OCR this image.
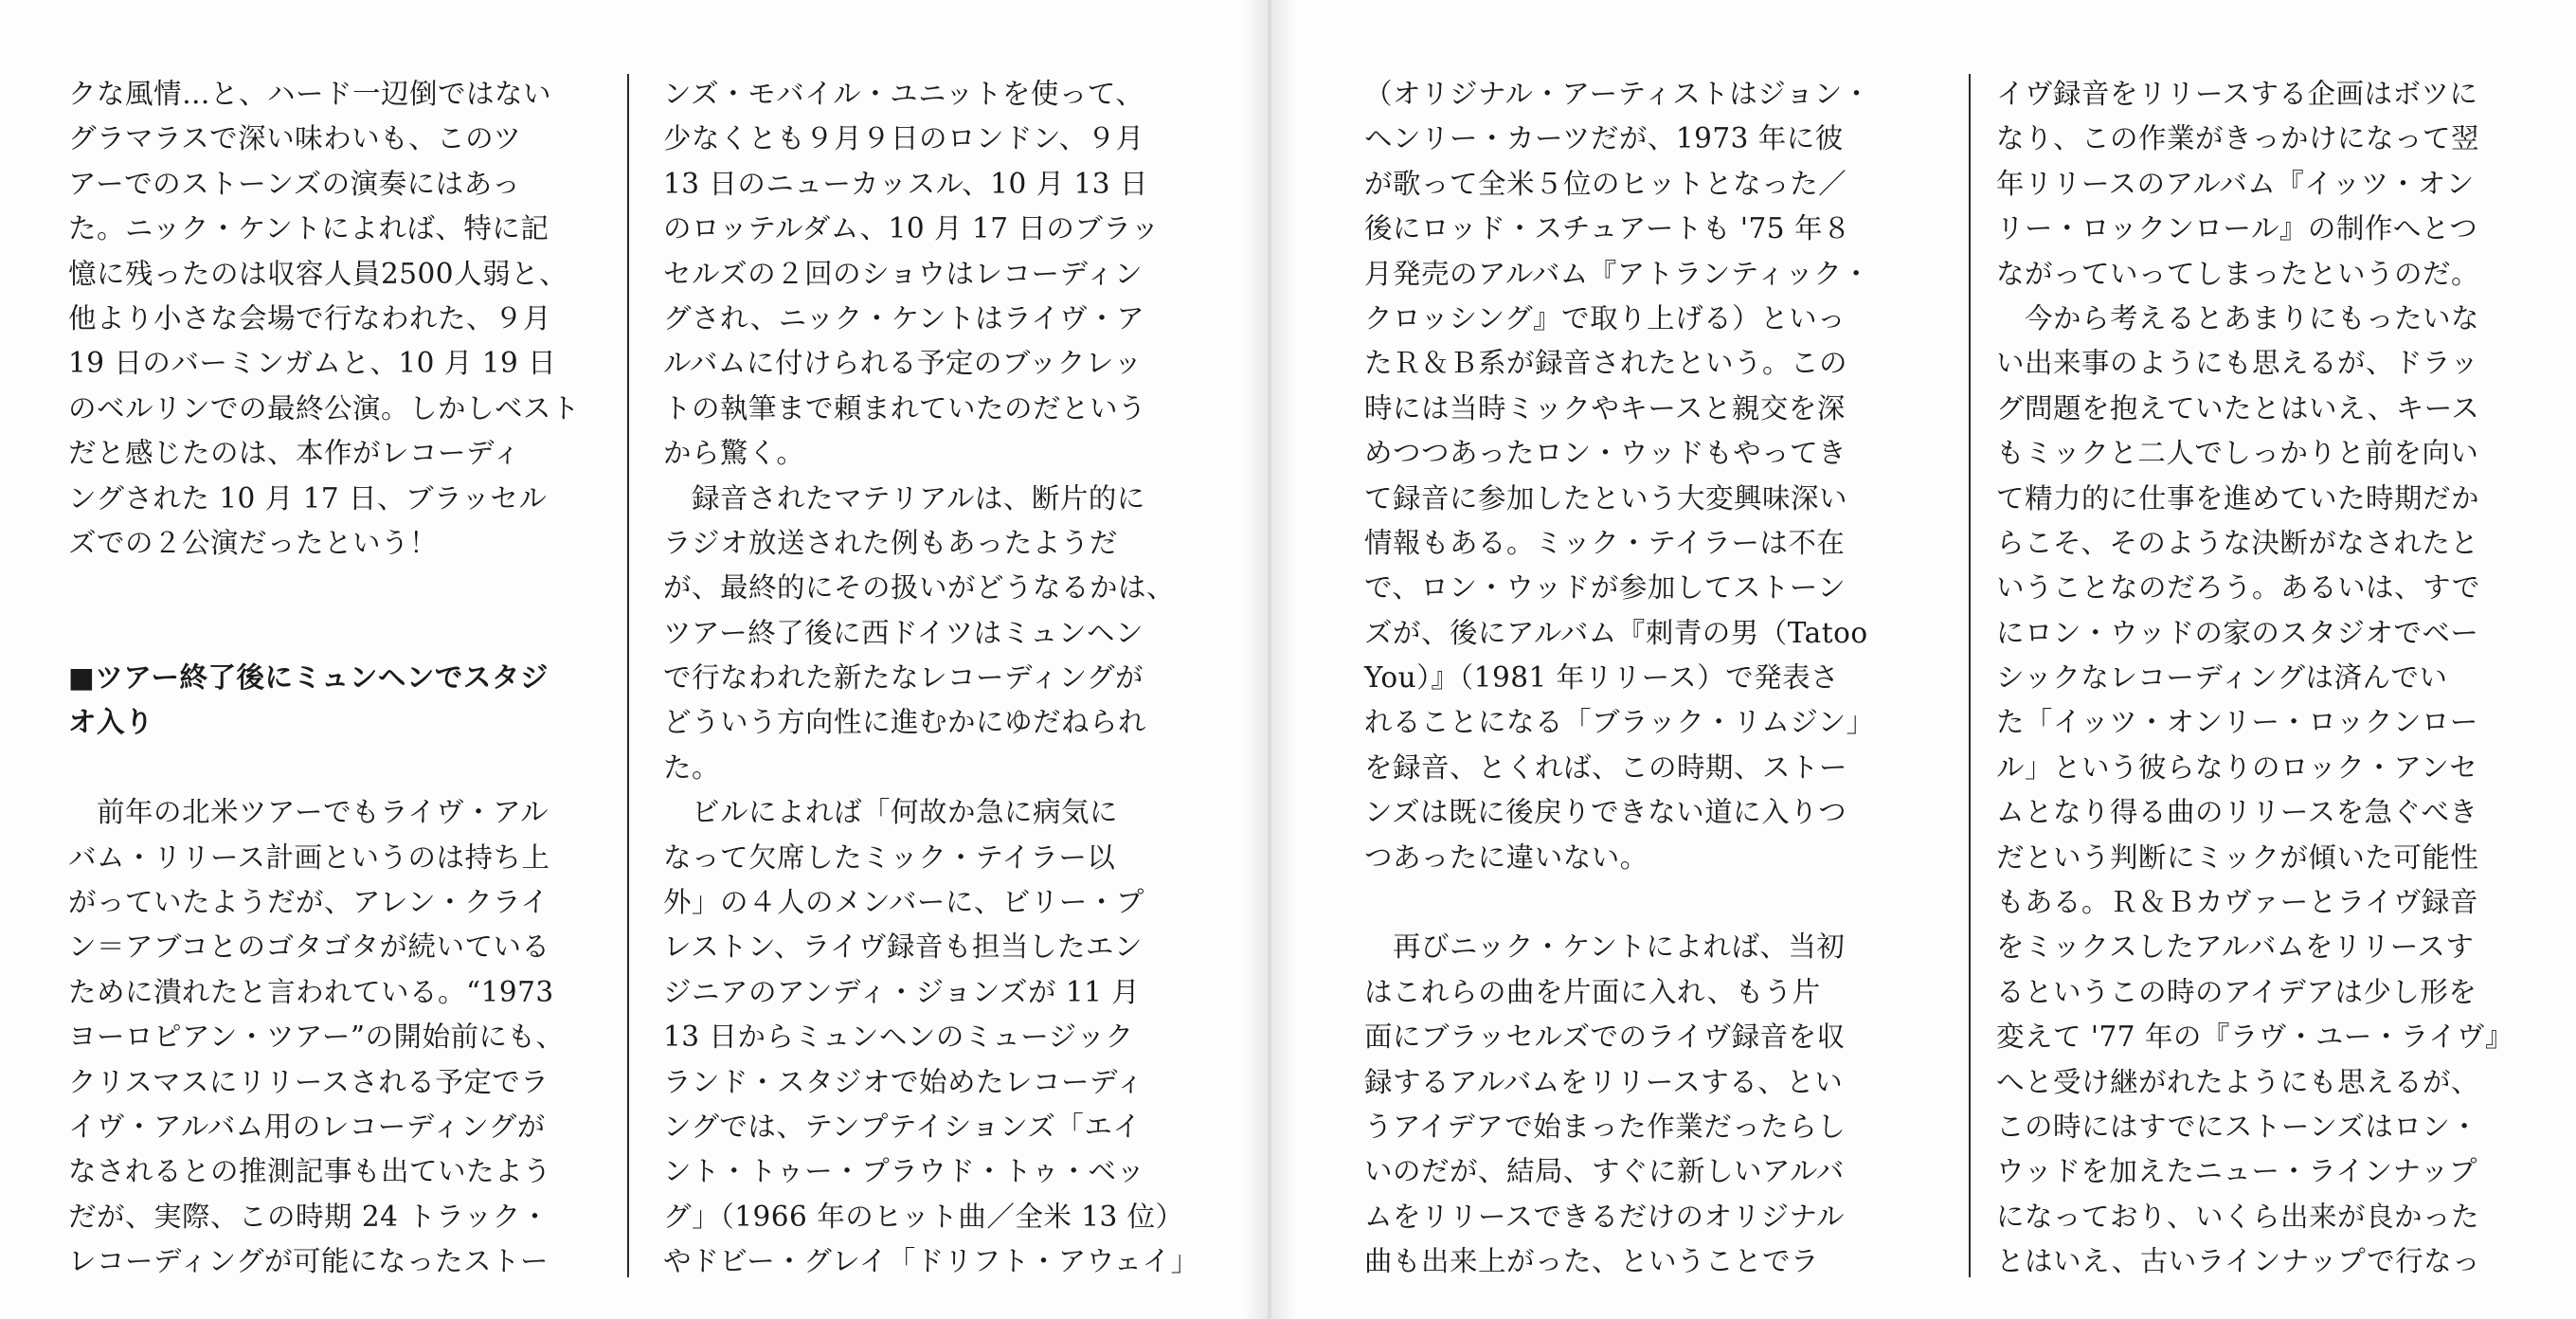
クな風情…と、ハード一辺倒ではない
グラマラスで深い味わいも、このツ
アーでのストーンズの演奏にはあっ
た。ニック・ケントによれば、特に記
憶に残ったのは収容人員2500人弱と、
他より小さな会場で行なわれた、９月
19 日のバーミンガムと、10 月 19 日
のベルリンでの最終公演。しかしベスト
だと感じたのは、本作がレコーディ
ングされた 10 月 17 日、ブラッセル
ズでの２公演だったという！
■ツアー終了後にミュンヘンでスタジ
オ入り
　前年の北米ツアーでもライヴ・アル
バム・リリース計画というのは持ち上
がっていたようだが、アレン・クライ
ン＝アブコとのゴタゴタが続いている
ために潰れたと言われている。“1973
ヨーロピアン・ツアー”の開始前にも、
クリスマスにリリースされる予定でラ
イヴ・アルバム用のレコーディングが
なされるとの推測記事も出ていたよう
だが、実際、この時期 24 トラック・
レコーディングが可能になったストー
ンズ・モバイル・ユニットを使って、
少なくとも９月９日のロンドン、９月
13 日のニューカッスル、10 月 13 日
のロッテルダム、10 月 17 日のブラッ
セルズの２回のショウはレコーディン
グされ、ニック・ケントはライヴ・ア
ルバムに付けられる予定のブックレッ
トの執筆まで頼まれていたのだという
から驚く。
　録音されたマテリアルは、断片的に
ラジオ放送された例もあったようだ
が、最終的にその扱いがどうなるかは、
ツアー終了後に西ドイツはミュンヘン
で行なわれた新たなレコーディングが
どういう方向性に進むかにゆだねられ
た。
　ビルによれば「何故か急に病気に
なって欠席したミック・テイラー以
外」の４人のメンバーに、ビリー・プ
レストン、ライヴ録音も担当したエン
ジニアのアンディ・ジョンズが 11 月
13 日からミュンヘンのミュージック
ランド・スタジオで始めたレコーディ
ングでは、テンプテイションズ「エイ
ント・トゥー・プラウド・トゥ・ベッ
グ」（1966 年のヒット曲／全米 13 位）
やドビー・グレイ「ドリフト・アウェイ」
（オリジナル・アーティストはジョン・
ヘンリー・カーツだが、1973 年に彼
が歌って全米５位のヒットとなった／
後にロッド・スチュアートも '75 年８
月発売のアルバム『アトランティック・
クロッシング』で取り上げる）といっ
たＲ＆Ｂ系が録音されたという。この
時には当時ミックやキースと親交を深
めつつあったロン・ウッドもやってき
て録音に参加したという大変興味深い
情報もある。ミック・テイラーは不在
で、ロン・ウッドが参加してストーン
ズが、後にアルバム『刺青の男（Tatoo
You）』（1981 年リリース）で発表さ
れることになる「ブラック・リムジン」
を録音、とくれば、この時期、ストー
ンズは既に後戻りできない道に入りつ
つあったに違いない。
　再びニック・ケントによれば、当初
はこれらの曲を片面に入れ、もう片
面にブラッセルズでのライヴ録音を収
録するアルバムをリリースする、とい
うアイデアで始まった作業だったらし
いのだが、結局、すぐに新しいアルバ
ムをリリースできるだけのオリジナル
曲も出来上がった、ということでラ
イヴ録音をリリースする企画はボツに
なり、この作業がきっかけになって翌
年リリースのアルバム『イッツ・オン
リー・ロックンロール』の制作へとつ
ながっていってしまったというのだ。
　今から考えるとあまりにもったいな
い出来事のようにも思えるが、ドラッ
グ問題を抱えていたとはいえ、キース
もミックと二人でしっかりと前を向い
て精力的に仕事を進めていた時期だか
らこそ、そのような決断がなされたと
いうことなのだろう。あるいは、すで
にロン・ウッドの家のスタジオでベー
シックなレコーディングは済んでい
た「イッツ・オンリー・ロックンロー
ル」という彼らなりのロック・アンセ
ムとなり得る曲のリリースを急ぐべき
だという判断にミックが傾いた可能性
もある。Ｒ＆Ｂカヴァーとライヴ録音
をミックスしたアルバムをリリースす
るというこの時のアイデアは少し形を
変えて '77 年の『ラヴ・ユー・ライヴ』
へと受け継がれたようにも思えるが、
この時にはすでにストーンズはロン・
ウッドを加えたニュー・ラインナップ
になっており、いくら出来が良かった
とはいえ、古いラインナップで行なっ
